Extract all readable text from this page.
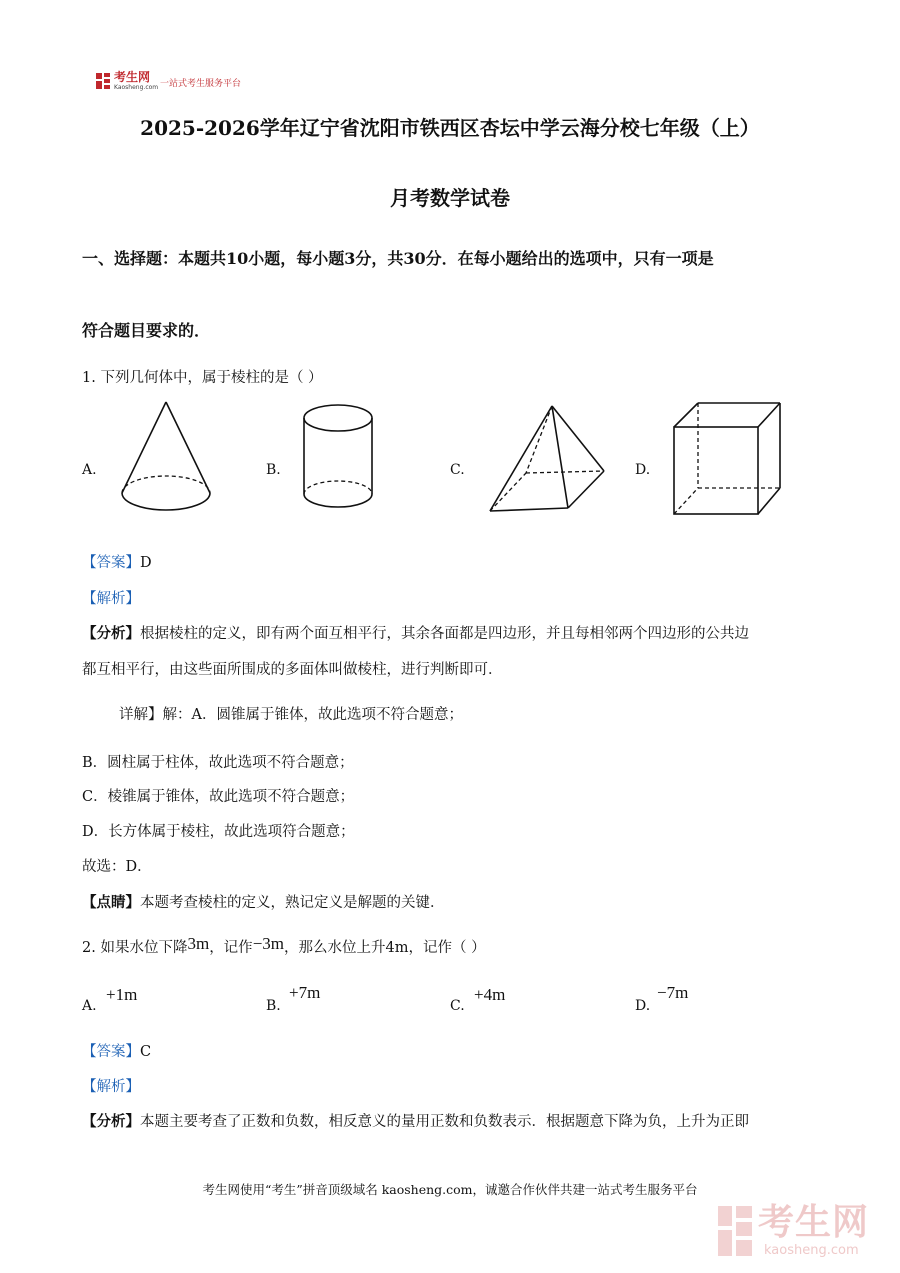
考生网
Kaosheng.com 一站式考生服务平台
2025-2026学年辽宁省沈阳市铁西区杏坛中学云海分校七年级（上）
月考数学试卷
一、选择题：本题共10小题，每小题3分，共30分．在每小题给出的选项中，只有一项是
符合题目要求的．
1. 下列几何体中，属于棱柱的是（ ）
A.	B.	C.	D.
【答案】D
【解析】
【分析】根据棱柱的定义，即有两个面互相平行，其余各面都是四边形，并且每相邻两个四边形的公共边
都互相平行，由这些面所围成的多面体叫做棱柱，进行判断即可．
详解】解：A．圆锥属于锥体，故此选项不符合题意；
B．圆柱属于柱体，故此选项不符合题意；
C．棱锥属于锥体，故此选项不符合题意；
D．长方体属于棱柱，故此选项符合题意；
故选：D．
【点睛】本题考查棱柱的定义，熟记定义是解题的关键．
2. 如果水位下降3m，记作−3m，那么水位上升4m，记作（ ）
A.
+1m
B.
+7m
C.
+4m
D.
−7m
【答案】C
【解析】
【分析】本题主要考查了正数和负数，相反意义的量用正数和负数表示．根据题意下降为负，上升为正即
考生网使用“考生”拼音顶级域名 kaosheng.com，诚邀合作伙伴共建一站式考生服务平台
考生网
kaosheng.com
